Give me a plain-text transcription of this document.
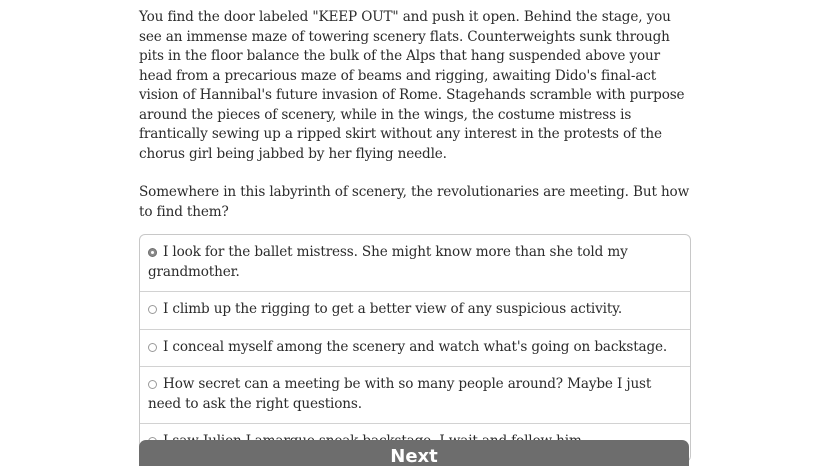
You find the door labeled "KEEP OUT" and push it open. Behind the stage, you see an immense maze of towering scenery flats. Counterweights sunk through pits in the floor balance the bulk of the Alps that hang suspended above your head from a precarious maze of beams and rigging, awaiting Dido's final-act vision of Hannibal's future invasion of Rome. Stagehands scramble with purpose around the pieces of scenery, while in the wings, the costume mistress is frantically sewing up a ripped skirt without any interest in the protests of the chorus girl being jabbed by her flying needle.

Somewhere in this labyrinth of scenery, the revolutionaries are meeting. But how to find them?

I look for the ballet mistress. She might know more than she told my grandmother.
I climb up the rigging to get a better view of any suspicious activity.
I conceal myself among the scenery and watch what's going on backstage.
How secret can a meeting be with so many people around? Maybe I just need to ask the right questions.
Next
